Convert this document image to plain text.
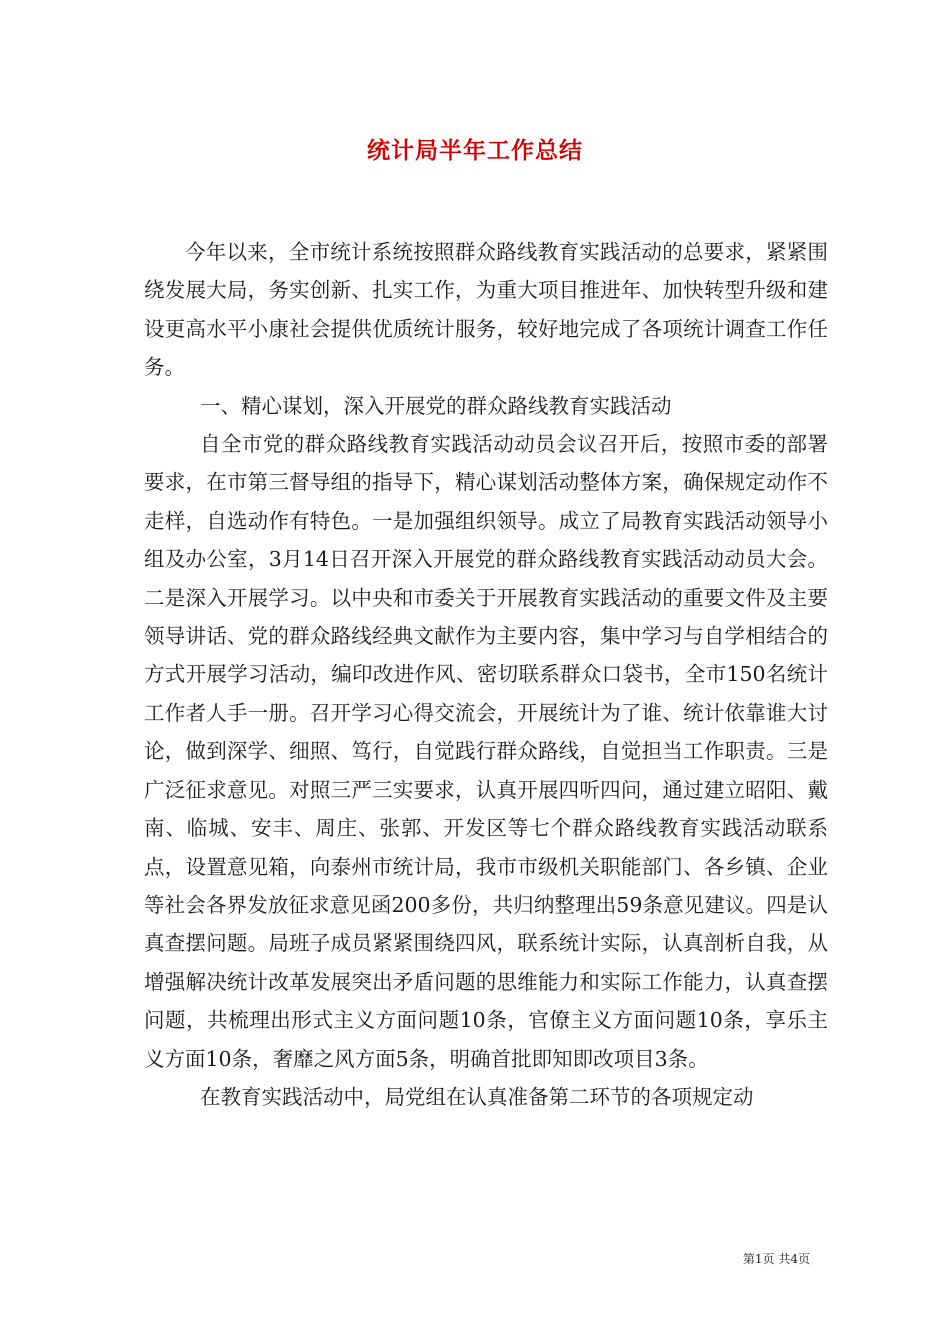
统计局半年工作总结

今年以来，全市统计系统按照群众路线教育实践活动的总要求，紧紧围绕发展大局，务实创新、扎实工作，为重大项目推进年、加快转型升级和建设更高水平小康社会提供优质统计服务，较好地完成了各项统计调查工作任务。

一、精心谋划，深入开展党的群众路线教育实践活动

自全市党的群众路线教育实践活动动员会议召开后，按照市委的部署要求，在市第三督导组的指导下，精心谋划活动整体方案，确保规定动作不走样，自选动作有特色。一是加强组织领导。成立了局教育实践活动领导小组及办公室，3月14日召开深入开展党的群众路线教育实践活动动员大会。二是深入开展学习。以中央和市委关于开展教育实践活动的重要文件及主要领导讲话、党的群众路线经典文献作为主要内容，集中学习与自学相结合的方式开展学习活动，编印改进作风、密切联系群众口袋书，全市150名统计工作者人手一册。召开学习心得交流会，开展统计为了谁、统计依靠谁大讨论，做到深学、细照、笃行，自觉践行群众路线，自觉担当工作职责。三是广泛征求意见。对照三严三实要求，认真开展四听四问，通过建立昭阳、戴南、临城、安丰、周庄、张郭、开发区等七个群众路线教育实践活动联系点，设置意见箱，向泰州市统计局，我市市级机关职能部门、各乡镇、企业等社会各界发放征求意见函200多份，共归纳整理出59条意见建议。四是认真查摆问题。局班子成员紧紧围绕四风，联系统计实际，认真剖析自我，从增强解决统计改革发展突出矛盾问题的思维能力和实际工作能力，认真查摆问题，共梳理出形式主义方面问题10条，官僚主义方面问题10条，享乐主义方面10条，奢靡之风方面5条，明确首批即知即改项目3条。

在教育实践活动中，局党组在认真准备第二环节的各项规定动

第1页 共4页
